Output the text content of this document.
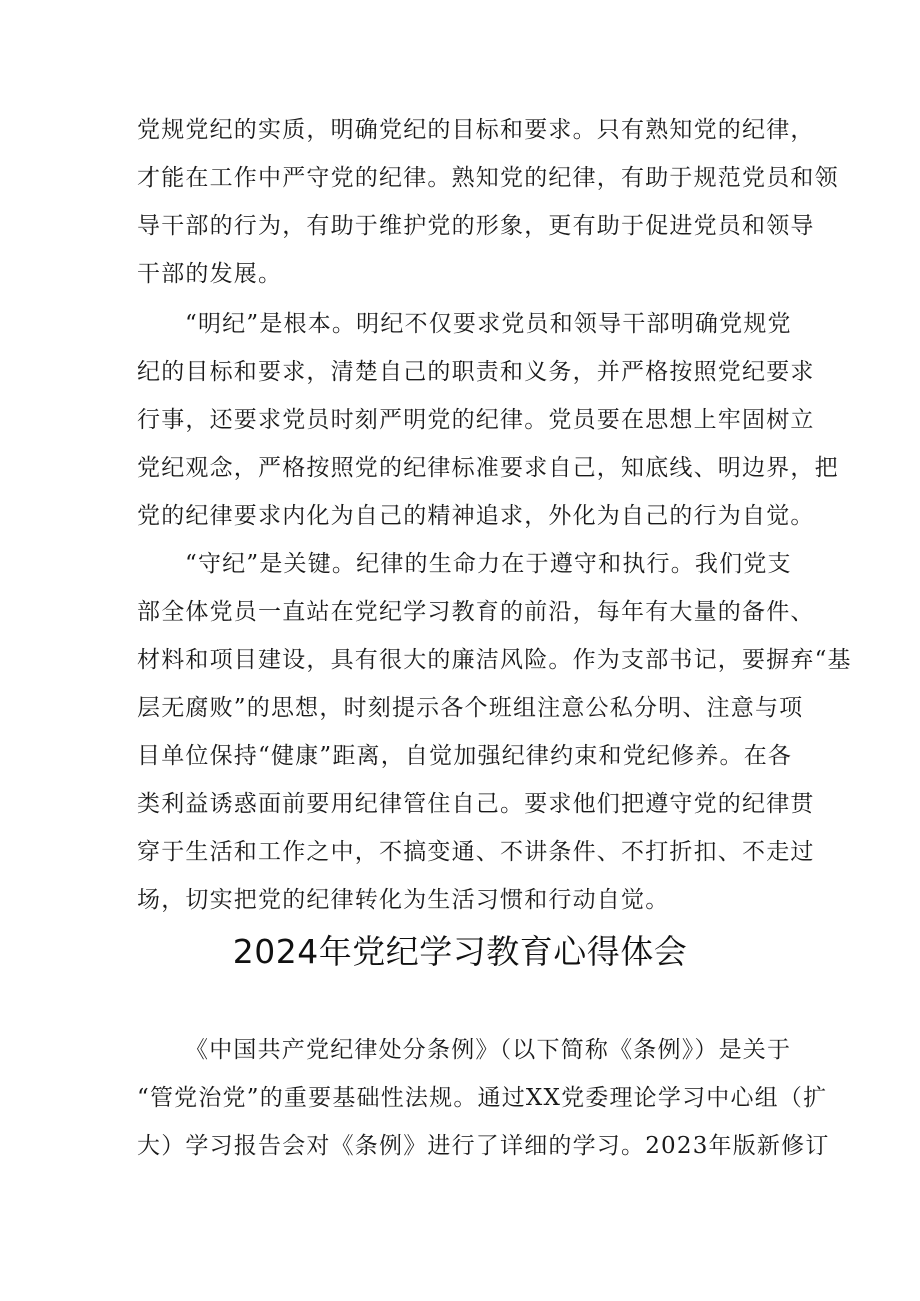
党规党纪的实质，明确党纪的目标和要求。只有熟知党的纪律，
才能在工作中严守党的纪律。熟知党的纪律，有助于规范党员和领
导干部的行为，有助于维护党的形象，更有助于促进党员和领导
干部的发展。
“明纪”是根本。明纪不仅要求党员和领导干部明确党规党
纪的目标和要求，清楚自己的职责和义务，并严格按照党纪要求
行事，还要求党员时刻严明党的纪律。党员要在思想上牢固树立
党纪观念，严格按照党的纪律标准要求自己，知底线、明边界，把
党的纪律要求内化为自己的精神追求，外化为自己的行为自觉。
“守纪”是关键。纪律的生命力在于遵守和执行。我们党支
部全体党员一直站在党纪学习教育的前沿，每年有大量的备件、
材料和项目建设，具有很大的廉洁风险。作为支部书记，要摒弃“基
层无腐败”的思想，时刻提示各个班组注意公私分明、注意与项
目单位保持“健康”距离，自觉加强纪律约束和党纪修养。在各
类利益诱惑面前要用纪律管住自己。要求他们把遵守党的纪律贯
穿于生活和工作之中，不搞变通、不讲条件、不打折扣、不走过
场，切实把党的纪律转化为生活习惯和行动自觉。
2024年党纪学习教育心得体会
《中国共产党纪律处分条例》（以下简称《条例》）是关于
“管党治党”的重要基础性法规。通过XX党委理论学习中心组（扩
大）学习报告会对《条例》进行了详细的学习。2023年版新修订
